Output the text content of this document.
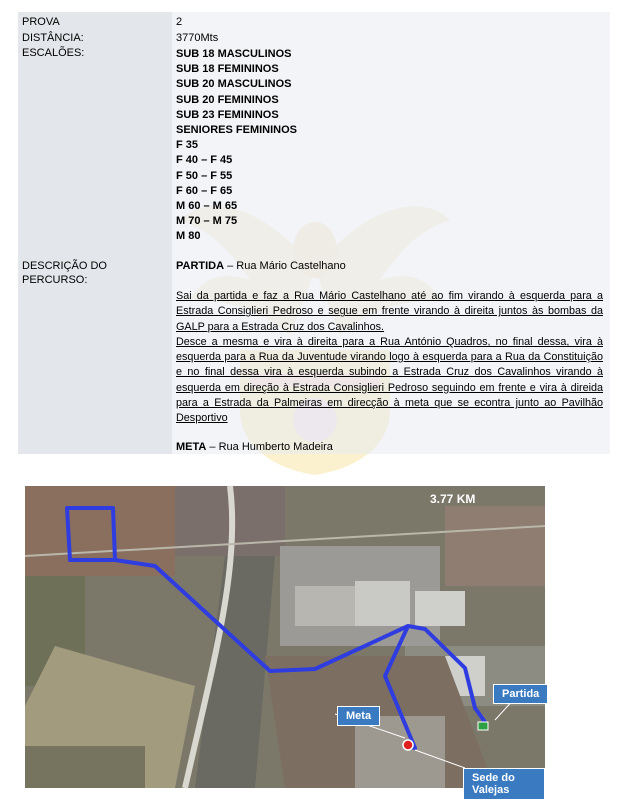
PROVA
DISTÂNCIA:
ESCALÕES:
DESCRIÇÃO DO PERCURSO:
2
3770Mts
SUB 18 MASCULINOS
SUB 18 FEMININOS
SUB 20 MASCULINOS
SUB 20 FEMININOS
SUB 23 FEMININOS
SENIORES FEMININOS
F 35
F 40 – F 45
F 50 – F 55
F 60 – F 65
M 60 – M 65
M 70 – M 75
M 80
PARTIDA – Rua Mário Castelhano

Sai da partida e faz a Rua Mário Castelhano até ao fim virando à esquerda para a Estrada Consiglieri Pedroso e segue em frente virando à direita juntos às bombas da GALP para a Estrada Cruz dos Cavalinhos.

Desce a mesma e vira à direita para a Rua António Quadros, no final dessa, vira à esquerda para a Rua da Juventude virando logo à esquerda para a Rua da Constituição e no final dessa vira à esquerda subindo a Estrada Cruz dos Cavalinhos virando à esquerda em direção à Estrada Consiglieri Pedroso seguindo em frente e vira à direida para a Estrada da Palmeiras em direcção à meta que se econtra junto ao Pavilhão Desportivo

META – Rua Humberto Madeira
3.77 KM
Partida
Meta
Sede do Valejas
